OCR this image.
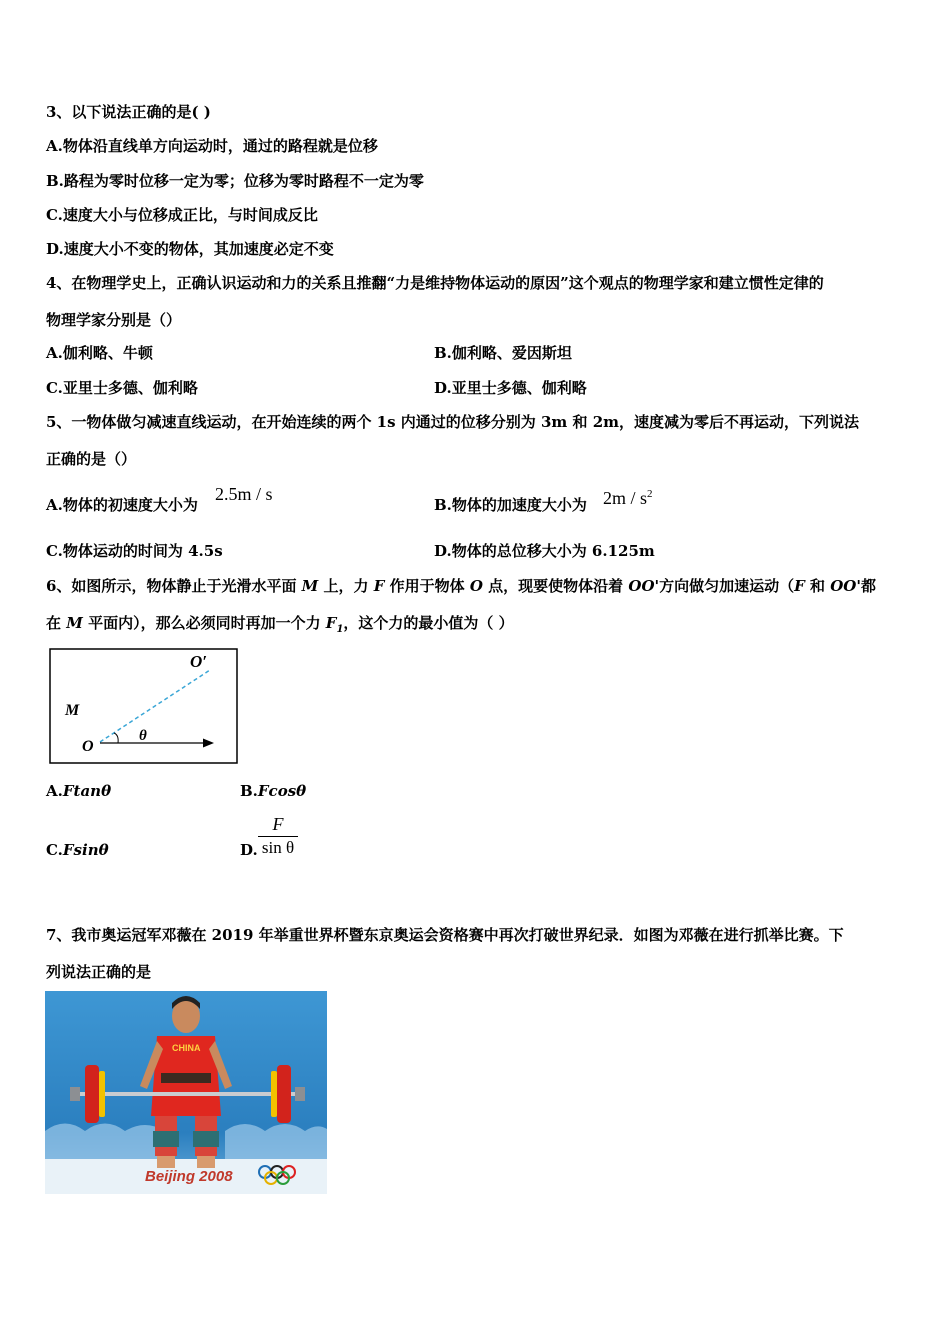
3、以下说法正确的是( )
A.物体沿直线单方向运动时，通过的路程就是位移
B.路程为零时位移一定为零；位移为零时路程不一定为零
C.速度大小与位移成正比，与时间成反比
D.速度大小不变的物体，其加速度必定不变
4、在物理学史上，正确认识运动和力的关系且推翻“力是维持物体运动的原因”这个观点的物理学家和建立惯性定律的
物理学家分别是（）
A.伽利略、牛顿	B.伽利略、爱因斯坦
C.亚里士多德、伽利略	D.亚里士多德、伽利略
5、一物体做匀减速直线运动，在开始连续的两个 1s 内通过的位移分别为 3m 和 2m，速度减为零后不再运动，下列说法
正确的是（）
A.物体的初速度大小为
2.5m / s
B.物体的加速度大小为 $2m / s^2$
C.物体运动的时间为 4.5s	D.物体的总位移大小为 6.125m
6、如图所示，物体静止于光滑水平面 M 上，力 F 作用于物体 O 点，现要使物体沿着 OO'方向做匀加速运动（F 和 OO'都
在 M 平面内），那么必须同时再加一个力 $F_1$，这个力的最小值为（ ）
O′
M
O
θ
A.Ftanθ	B.Fcosθ
C.Fsinθ	D.
F
sin θ
7、我市奥运冠军邓薇在 2019 年举重世界杯暨东京奥运会资格赛中再次打破世界纪录．如图为邓薇在进行抓举比赛。下
列说法正确的是
Beijing 2008
CHINA
